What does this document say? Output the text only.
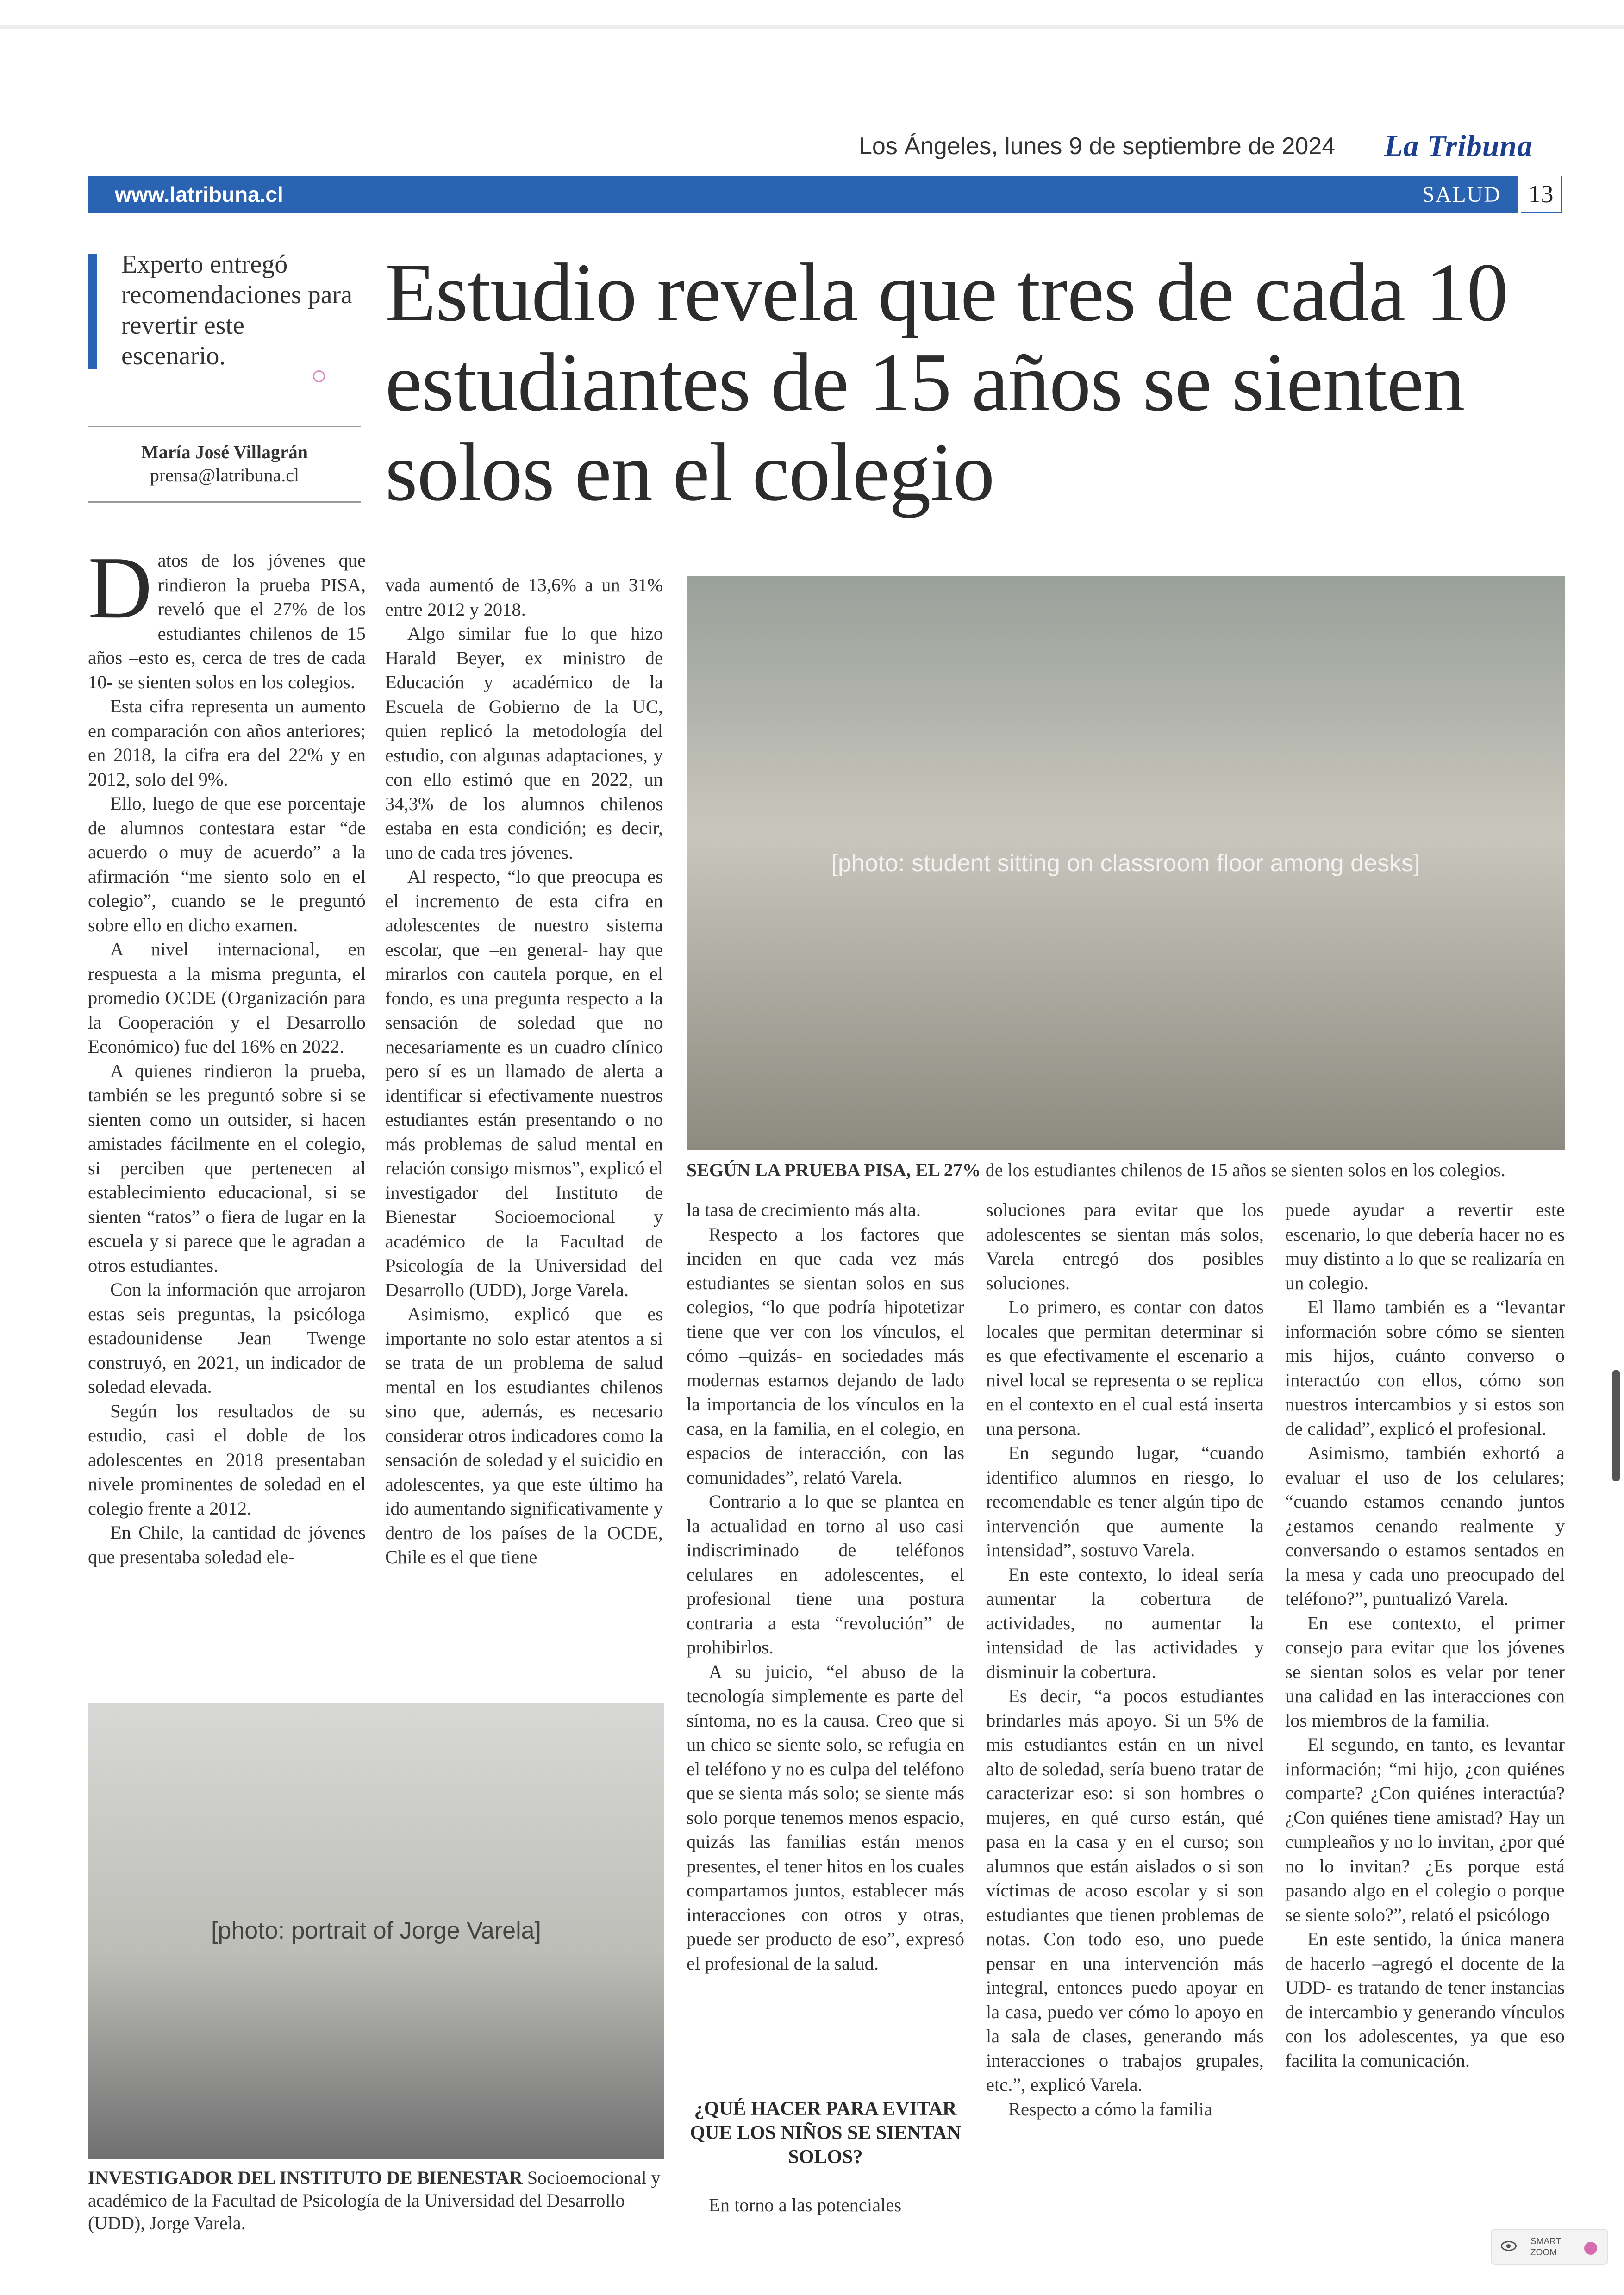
Los Ángeles, lunes 9 de septiembre de 2024 La Tribuna
www.latribuna.cl	SALUD	13
Experto entregó recomendaciones para revertir este escenario.
María José Villagrán
prensa@latribuna.cl
Estudio revela que tres de cada 10 estudiantes de 15 años se sienten solos en el colegio

Datos de los jóvenes que rindieron la prueba PISA, reveló que el 27% de los estudiantes chilenos de 15 años –esto es, cerca de tres de cada 10- se sienten solos en los colegios.

Esta cifra representa un aumento en comparación con años anteriores; en 2018, la cifra era del 22% y en 2012, solo del 9%.

Ello, luego de que ese porcentaje de alumnos contestara estar “de acuerdo o muy de acuerdo” a la afirmación “me siento solo en el colegio”, cuando se le preguntó sobre ello en dicho examen.

A nivel internacional, en respuesta a la misma pregunta, el promedio OCDE (Organización para la Cooperación y el Desarrollo Económico) fue del 16% en 2022.

A quienes rindieron la prueba, también se les preguntó sobre si se sienten como un outsider, si hacen amistades fácilmente en el colegio, si perciben que pertenecen al establecimiento educacional, si se sienten “ratos” o fiera de lugar en la escuela y si parece que le agradan a otros estudiantes.

Con la información que arrojaron estas seis preguntas, la psicóloga estadounidense Jean Twenge construyó, en 2021, un indicador de soledad elevada.

Según los resultados de su estudio, casi el doble de los adolescentes en 2018 presentaban nivele prominentes de soledad en el colegio frente a 2012.

En Chile, la cantidad de jóvenes que presentaba soledad ele-

vada aumentó de 13,6% a un 31% entre 2012 y 2018.

Algo similar fue lo que hizo Harald Beyer, ex ministro de Educación y académico de la Escuela de Gobierno de la UC, quien replicó la metodología del estudio, con algunas adaptaciones, y con ello estimó que en 2022, un 34,3% de los alumnos chilenos estaba en esta condición; es decir, uno de cada tres jóvenes.

Al respecto, “lo que preocupa es el incremento de esta cifra en adolescentes de nuestro sistema escolar, que –en general- hay que mirarlos con cautela porque, en el fondo, es una pregunta respecto a la sensación de soledad que no necesariamente es un cuadro clínico pero sí es un llamado de alerta a identificar si efectivamente nuestros estudiantes están presentando o no más problemas de salud mental en relación consigo mismos”, explicó el investigador del Instituto de Bienestar Socioemocional y académico de la Facultad de Psicología de la Universidad del Desarrollo (UDD), Jorge Varela.

Asimismo, explicó que es importante no solo estar atentos a si se trata de un problema de salud mental en los estudiantes chilenos sino que, además, es necesario considerar otros indicadores como la sensación de soledad y el suicidio en adolescentes, ya que este último ha ido aumentando significativamente y dentro de los países de la OCDE, Chile es el que tiene

[photo: student sitting on classroom floor among desks]
SEGÚN LA PRUEBA PISA, EL 27% de los estudiantes chilenos de 15 años se sienten solos en los colegios.

la tasa de crecimiento más alta.

Respecto a los factores que inciden en que cada vez más estudiantes se sientan solos en sus colegios, “lo que podría hipotetizar tiene que ver con los vínculos, el cómo –quizás- en sociedades más modernas estamos dejando de lado la importancia de los vínculos en la casa, en la familia, en el colegio, en espacios de interacción, con las comunidades”, relató Varela.

Contrario a lo que se plantea en la actualidad en torno al uso casi indiscriminado de teléfonos celulares en adolescentes, el profesional tiene una postura contraria a esta “revolución” de prohibirlos.

A su juicio, “el abuso de la tecnología simplemente es parte del síntoma, no es la causa. Creo que si un chico se siente solo, se refugia en el teléfono y no es culpa del teléfono que se sienta más solo; se siente más solo porque tenemos menos espacio, quizás las familias están menos presentes, el tener hitos en los cuales compartamos juntos, establecer más interacciones con otros y otras, puede ser producto de eso”, expresó el profesional de la salud.

¿QUÉ HACER PARA EVITAR QUE LOS NIÑOS SE SIENTAN SOLOS?

En torno a las potenciales

soluciones para evitar que los adolescentes se sientan más solos, Varela entregó dos posibles soluciones.

Lo primero, es contar con datos locales que permitan determinar si es que efectivamente el escenario a nivel local se representa o se replica en el contexto en el cual está inserta una persona.

En segundo lugar, “cuando identifico alumnos en riesgo, lo recomendable es tener algún tipo de intervención que aumente la intensidad”, sostuvo Varela.

En este contexto, lo ideal sería aumentar la cobertura de actividades, no aumentar la intensidad de las actividades y disminuir la cobertura.

Es decir, “a pocos estudiantes brindarles más apoyo. Si un 5% de mis estudiantes están en un nivel alto de soledad, sería bueno tratar de caracterizar eso: si son hombres o mujeres, en qué curso están, qué pasa en la casa y en el curso; son alumnos que están aislados o si son víctimas de acoso escolar y si son estudiantes que tienen problemas de notas. Con todo eso, uno puede pensar en una intervención más integral, entonces puedo apoyar en la casa, puedo ver cómo lo apoyo en la sala de clases, generando más interacciones o trabajos grupales, etc.”, explicó Varela.

Respecto a cómo la familia

puede ayudar a revertir este escenario, lo que debería hacer no es muy distinto a lo que se realizaría en un colegio.

El llamo también es a “levantar información sobre cómo se sienten mis hijos, cuánto converso o interactúo con ellos, cómo son nuestros intercambios y si estos son de calidad”, explicó el profesional.

Asimismo, también exhortó a evaluar el uso de los celulares; “cuando estamos cenando juntos ¿estamos cenando realmente y conversando o estamos sentados en la mesa y cada uno preocupado del teléfono?”, puntualizó Varela.

En ese contexto, el primer consejo para evitar que los jóvenes se sientan solos es velar por tener una calidad en las interacciones con los miembros de la familia.

El segundo, en tanto, es levantar información; “mi hijo, ¿con quiénes comparte? ¿Con quiénes interactúa? ¿Con quiénes tiene amistad? Hay un cumpleaños y no lo invitan, ¿por qué no lo invitan? ¿Es porque está pasando algo en el colegio o porque se siente solo?”, relató el psicólogo

En este sentido, la única manera de hacerlo –agregó el docente de la UDD- es tratando de tener instancias de intercambio y generando vínculos con los adolescentes, ya que eso facilita la comunicación.

[photo: portrait of Jorge Varela]
INVESTIGADOR DEL INSTITUTO DE BIENESTAR Socioemocional y académico de la Facultad de Psicología de la Universidad del Desarrollo (UDD), Jorge Varela.
SMART
ZOOM
